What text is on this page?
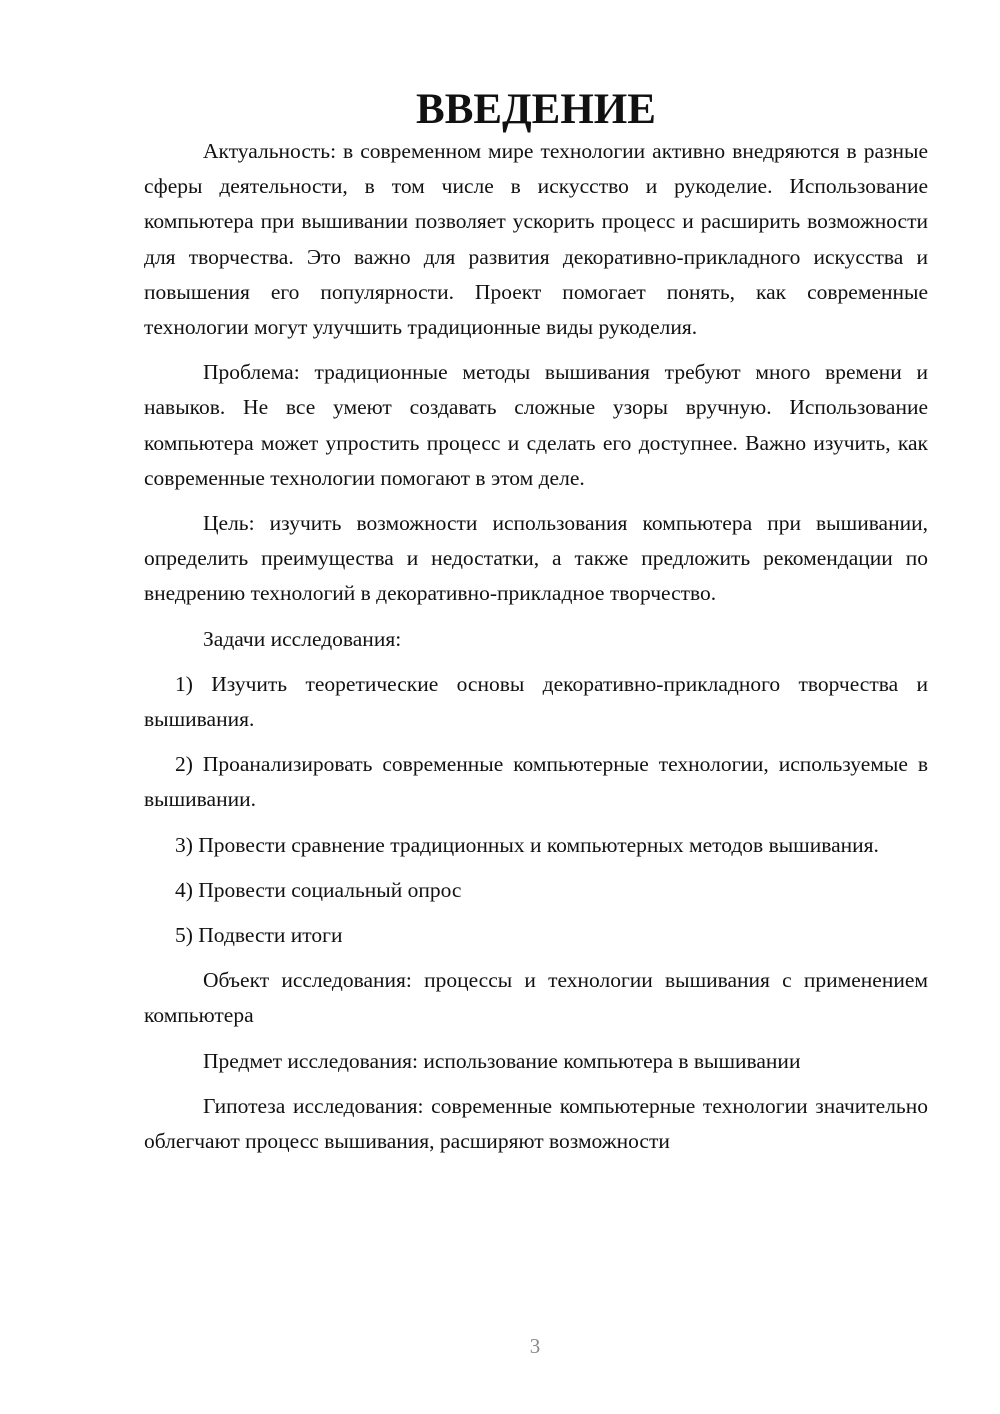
ВВЕДЕНИЕ

Актуальность: в современном мире технологии активно внедряются в разные сферы деятельности, в том числе в искусство и рукоделие. Использование компьютера при вышивании позволяет ускорить процесс и расширить возможности для творчества. Это важно для развития декоративно-прикладного искусства и повышения его популярности. Проект помогает понять, как современные технологии могут улучшить традиционные виды рукоделия.

Проблема: традиционные методы вышивания требуют много времени и навыков. Не все умеют создавать сложные узоры вручную. Использование компьютера может упростить процесс и сделать его доступнее. Важно изучить, как современные технологии помогают в этом деле.

Цель: изучить возможности использования компьютера при вышивании, определить преимущества и недостатки, а также предложить рекомендации по внедрению технологий в декоративно-прикладное творчество.

Задачи исследования:

1) Изучить теоретические основы декоративно-прикладного творчества и вышивания.

2) Проанализировать современные компьютерные технологии, используемые в вышивании.

3) Провести сравнение традиционных и компьютерных методов вышивания.

4) Провести социальный опрос

5) Подвести итоги

Объект исследования: процессы и технологии вышивания с применением компьютера

Предмет исследования: использование компьютера в вышивании

Гипотеза исследования: современные компьютерные технологии значительно облегчают процесс вышивания, расширяют возможности

3
